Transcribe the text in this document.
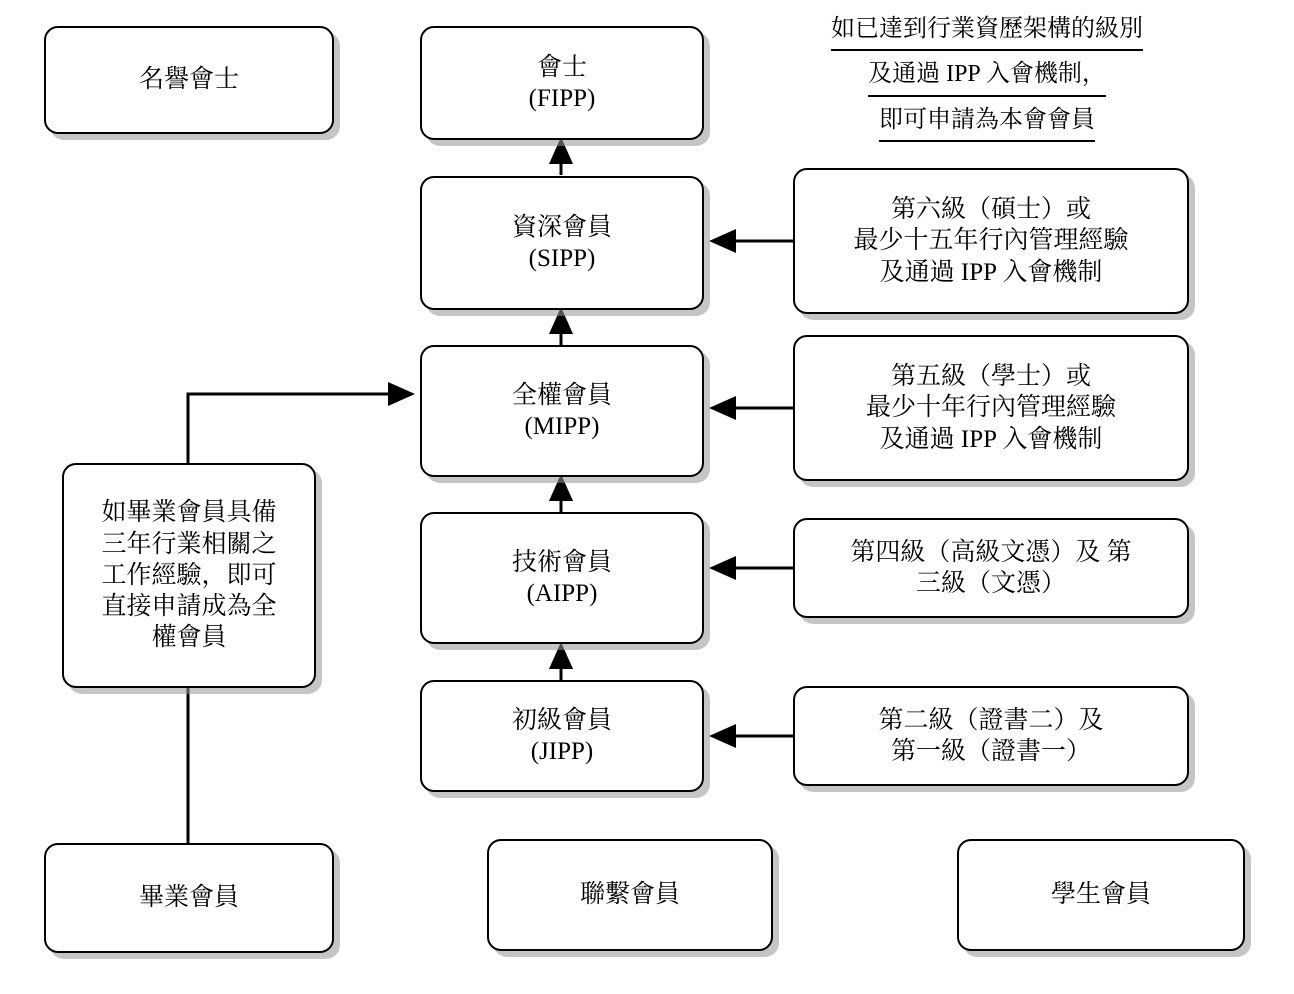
名譽會士	會士
(FIPP)
如已達到行業資歷架構的級別
及通過 IPP 入會機制，
即可申請為本會會員
資深會員
(SIPP)
第六級（碩士）或
最少十五年行內管理經驗
及通過 IPP 入會機制
全權會員
(MIPP)
第五級（學士）或
最少十年行內管理經驗
及通過 IPP 入會機制
技術會員
(AIPP)
第四級（高級文憑）及 第
三級（文憑）
初級會員
(JIPP)
第二級（證書二）及
第一級（證書一）
如畢業會員具備
三年行業相關之
工作經驗，即可
直接申請成為全
權會員
畢業會員	聯繫會員	學生會員
